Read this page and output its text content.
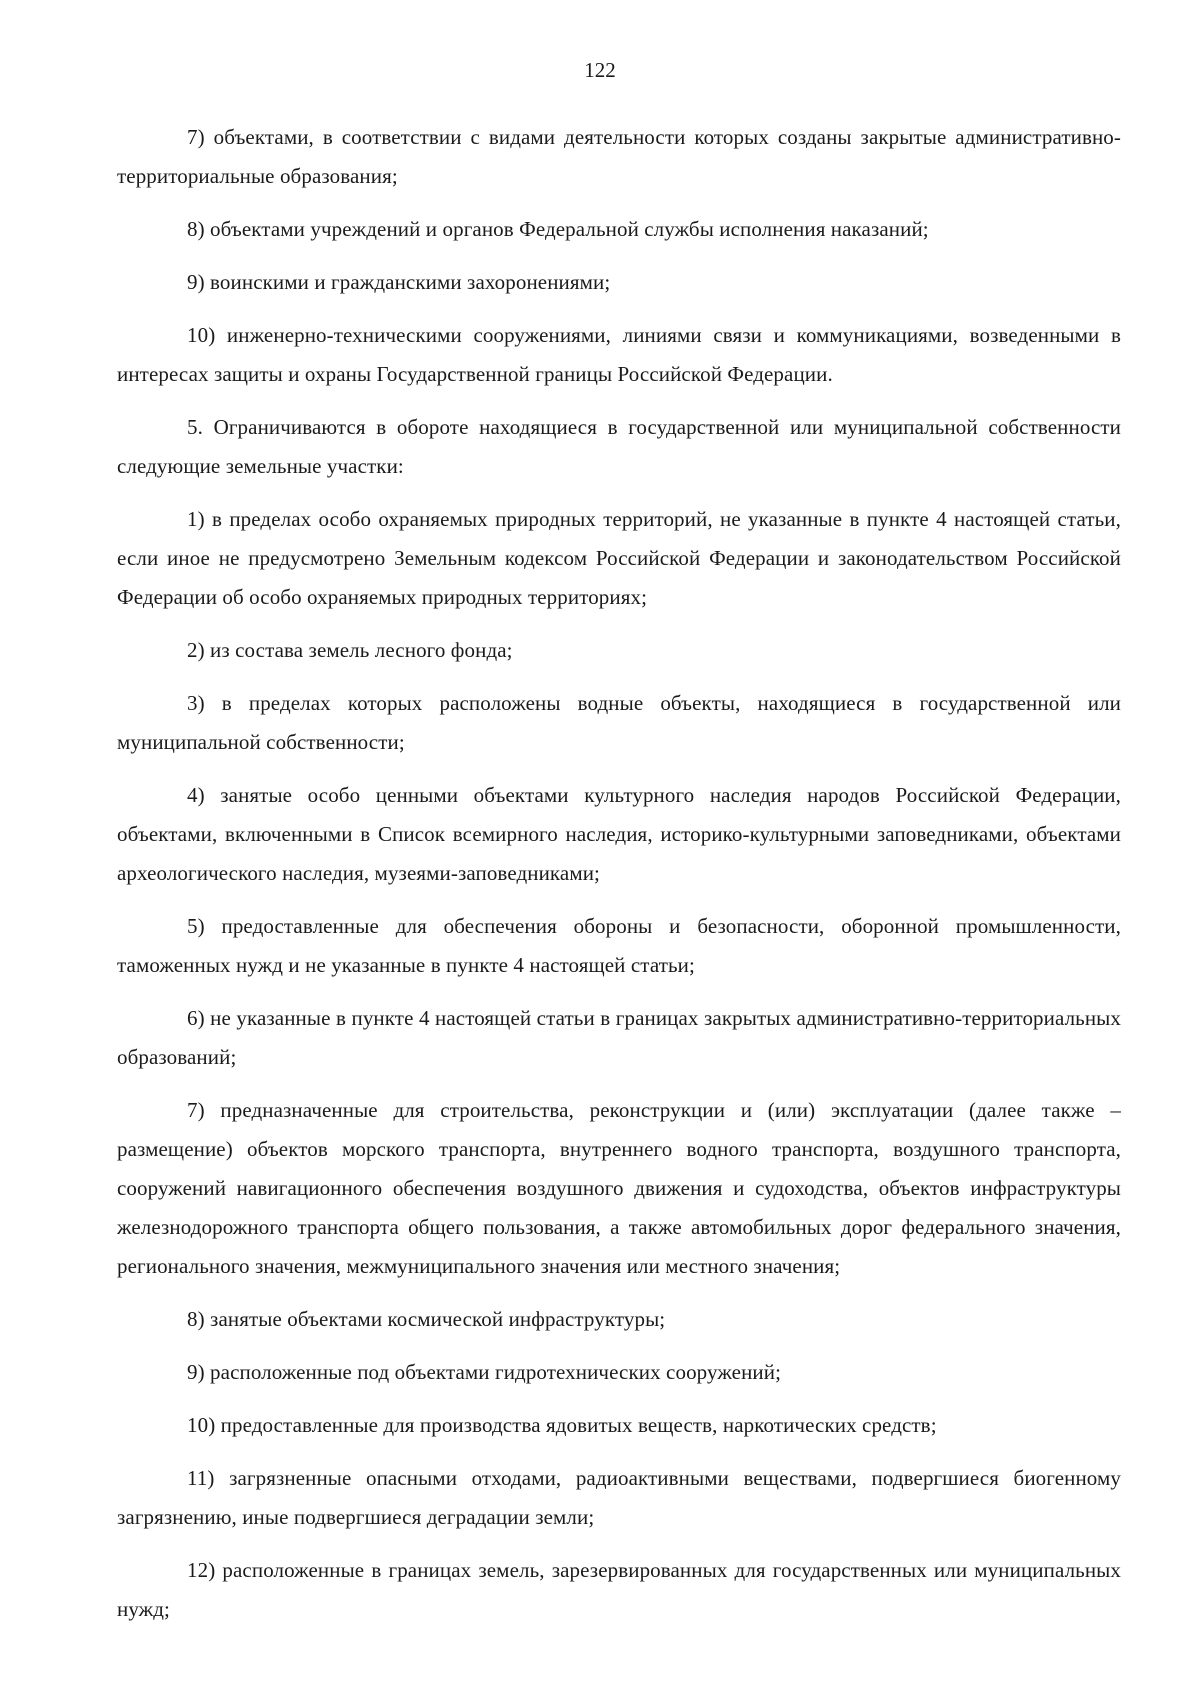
122

7) объектами, в соответствии с видами деятельности которых созданы закрытые административно-территориальные образования;

8) объектами учреждений и органов Федеральной службы исполнения наказаний;

9) воинскими и гражданскими захоронениями;

10) инженерно-техническими сооружениями, линиями связи и коммуникациями, возведенными в интересах защиты и охраны Государственной границы Российской Федерации.

5. Ограничиваются в обороте находящиеся в государственной или муниципальной собственности следующие земельные участки:

1) в пределах особо охраняемых природных территорий, не указанные в пункте 4 настоящей статьи, если иное не предусмотрено Земельным кодексом Российской Федерации и законодательством Российской Федерации об особо охраняемых природных территориях;

2) из состава земель лесного фонда;

3) в пределах которых расположены водные объекты, находящиеся в государственной или муниципальной собственности;

4) занятые особо ценными объектами культурного наследия народов Российской Федерации, объектами, включенными в Список всемирного наследия, историко-культурными заповедниками, объектами археологического наследия, музеями-заповедниками;

5) предоставленные для обеспечения обороны и безопасности, оборонной промышленности, таможенных нужд и не указанные в пункте 4 настоящей статьи;

6) не указанные в пункте 4 настоящей статьи в границах закрытых административно-территориальных образований;

7) предназначенные для строительства, реконструкции и (или) эксплуатации (далее также – размещение) объектов морского транспорта, внутреннего водного транспорта, воздушного транспорта, сооружений навигационного обеспечения воздушного движения и судоходства, объектов инфраструктуры железнодорожного транспорта общего пользования, а также автомобильных дорог федерального значения, регионального значения, межмуниципального значения или местного значения;

8) занятые объектами космической инфраструктуры;

9) расположенные под объектами гидротехнических сооружений;

10) предоставленные для производства ядовитых веществ, наркотических средств;

11) загрязненные опасными отходами, радиоактивными веществами, подвергшиеся биогенному загрязнению, иные подвергшиеся деградации земли;

12) расположенные в границах земель, зарезервированных для государственных или муниципальных нужд;
